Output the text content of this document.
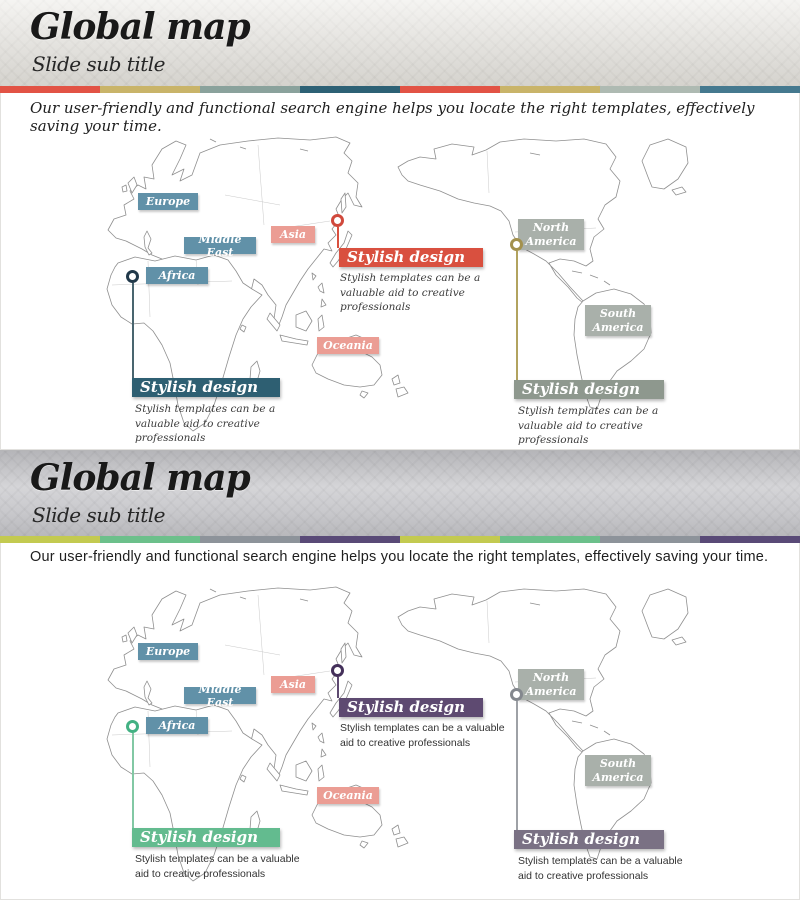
Global map
Slide sub title
Our user-friendly and functional search engine helps you locate the right templates, effectively saving your time.
Europe
Middle East
Africa
Asia
Oceania
North America
South America
Stylish design
Stylish templates can be a valuable aid to creative professionals
Stylish design
Stylish templates can be a valuable aid to creative professionals
Stylish design
Stylish templates can be a valuable aid to creative professionals
Global map
Slide sub title
Our user-friendly and functional search engine helps you locate the right templates, effectively saving your time.
Europe
Middle East
Africa
Asia
Oceania
North America
South America
Stylish design
Stylish templates can be a valuable aid to creative professionals
Stylish design
Stylish templates can be a valuable aid to creative professionals
Stylish design
Stylish templates can be a valuable aid to creative professionals
